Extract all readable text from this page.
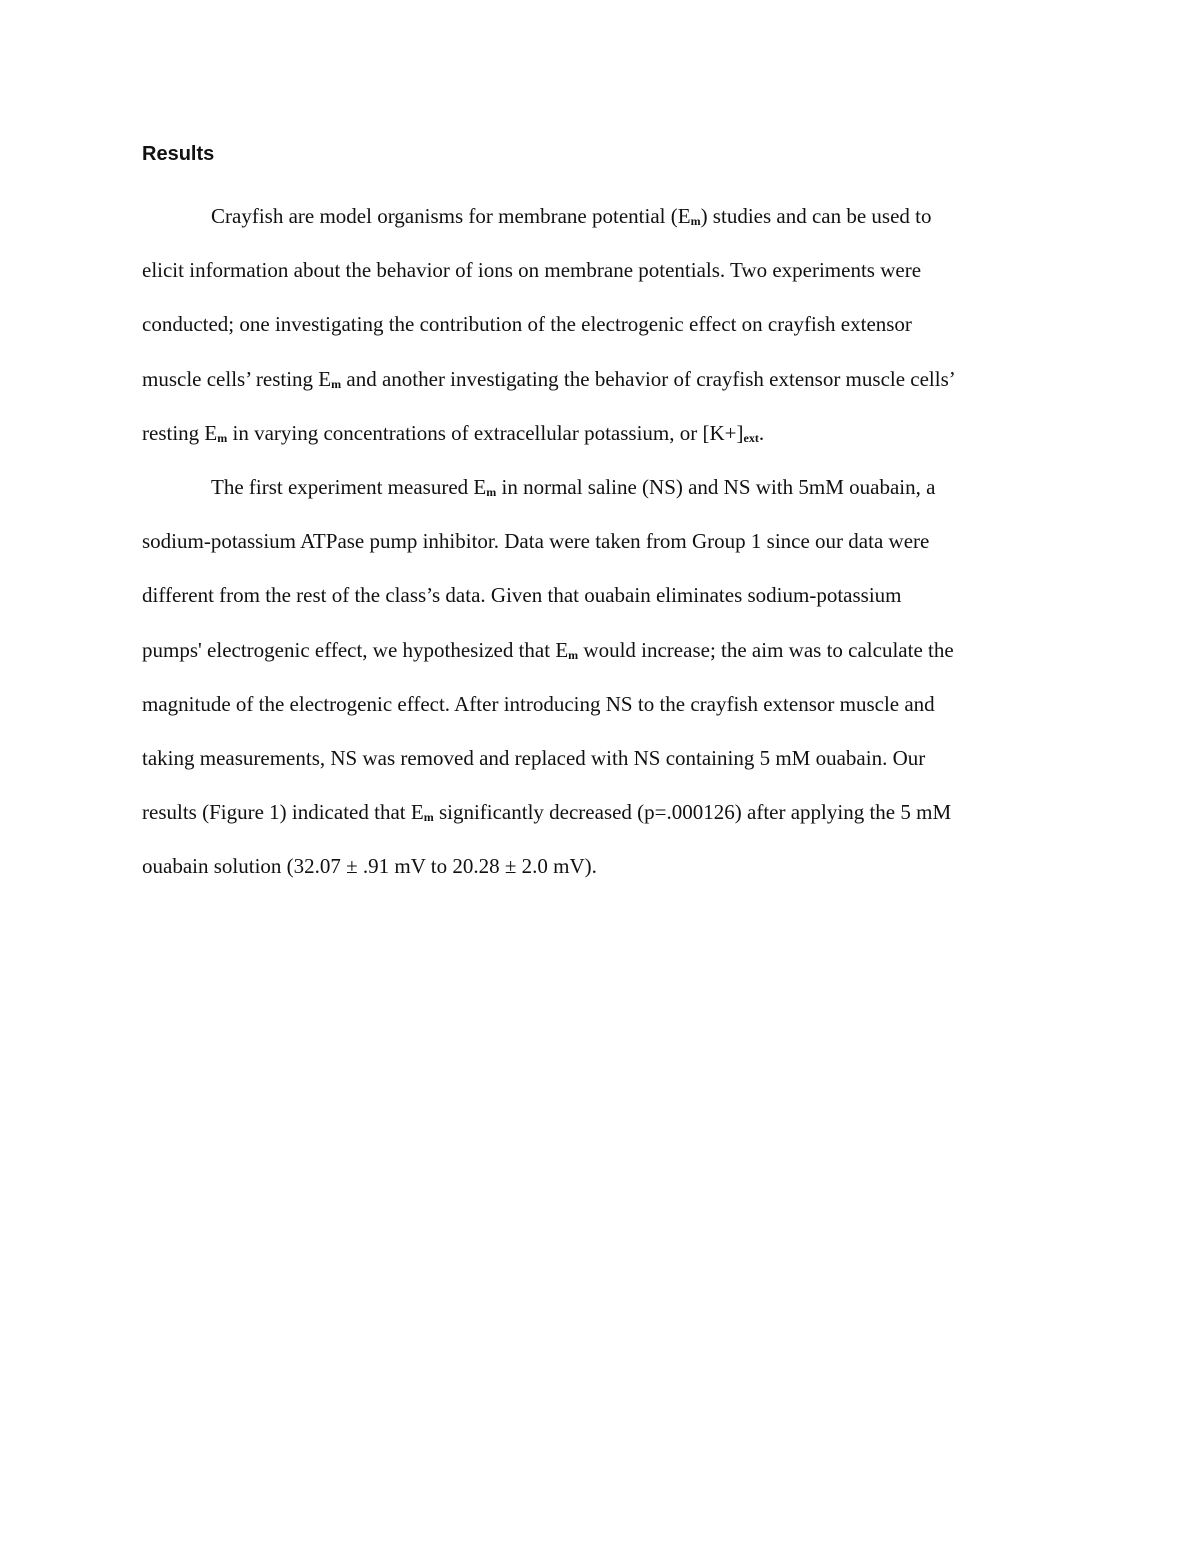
Results
Crayfish are model organisms for membrane potential $(E_m)$ studies and can be used to
elicit information about the behavior of ions on membrane potentials. Two experiments were
conducted; one investigating the contribution of the electrogenic effect on crayfish extensor
muscle cells’ resting $E_m$ and another investigating the behavior of crayfish extensor muscle cells’
resting $E_m$ in varying concentrations of extracellular potassium, or $[K+]_{ext}$.
The first experiment measured $E_m$ in normal saline (NS) and NS with 5mM ouabain, a
sodium-potassium ATPase pump inhibitor. Data were taken from Group 1 since our data were
different from the rest of the class’s data. Given that ouabain eliminates sodium-potassium
pumps' electrogenic effect, we hypothesized that $E_m$ would increase; the aim was to calculate the
magnitude of the electrogenic effect. After introducing NS to the crayfish extensor muscle and
taking measurements, NS was removed and replaced with NS containing 5 mM ouabain. Our
results (Figure 1) indicated that $E_m$ significantly decreased (p=.000126) after applying the 5 mM
ouabain solution (32.07 ± .91 mV to 20.28 ± 2.0 mV).
